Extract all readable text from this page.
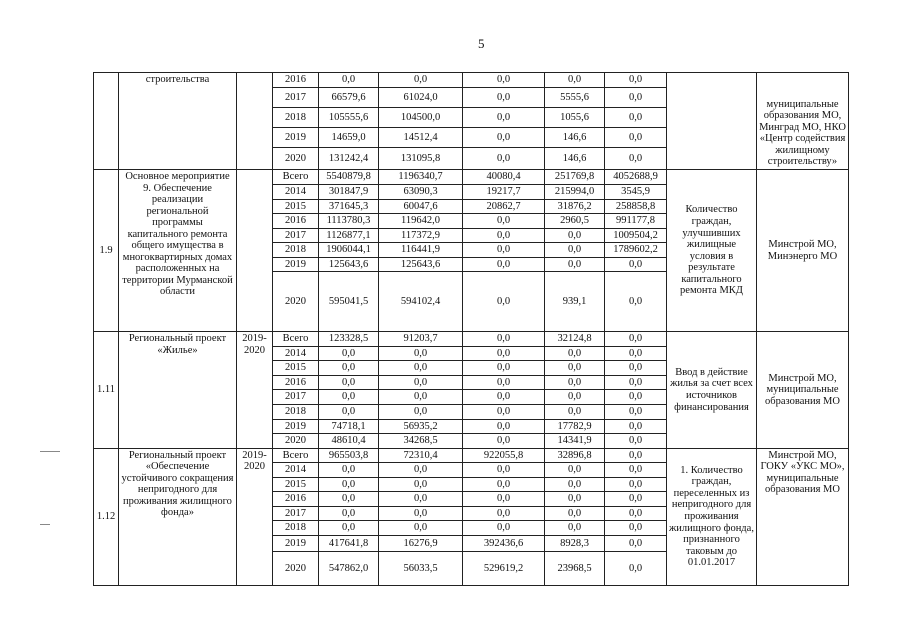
5
	строительства		2016	0,0	0,0	0,0	0,0	0,0		муниципальные образования МО, Минград МО, НКО «Центр содействия жилищному строительству»
			2017	66579,6	61024,0	0,0	5555,6	0,0		
			2018	105555,6	104500,0	0,0	1055,6	0,0		
			2019	14659,0	14512,4	0,0	146,6	0,0		
			2020	131242,4	131095,8	0,0	146,6	0,0		
1.9	Основное мероприятие 9. Обеспечение реализации региональной программы капитального ремонта общего имущества в многоквартирных домах расположенных на территории Мурманской области		Всего	5540879,8	1196340,7	40080,4	251769,8	4052688,9	Количество граждан, улучшивших жилищные условия в результате капитального ремонта МКД	Минстрой МО, Минэнерго МО
			2014	301847,9	63090,3	19217,7	215994,0	3545,9		
			2015	371645,3	60047,6	20862,7	31876,2	258858,8		
			2016	1113780,3	119642,0	0,0	2960,5	991177,8		
			2017	1126877,1	117372,9	0,0	0,0	1009504,2		
			2018	1906044,1	116441,9	0,0	0,0	1789602,2		
			2019	125643,6	125643,6	0,0	0,0	0,0		
			2020	595041,5	594102,4	0,0	939,1	0,0		
1.11	Региональный проект «Жилье»	2019-2020	Всего	123328,5	91203,7	0,0	32124,8	0,0	Ввод в действие жилья за счет всех источников финансирования	Минстрой МО, муниципальные образования МО
			2014	0,0	0,0	0,0	0,0	0,0		
			2015	0,0	0,0	0,0	0,0	0,0		
			2016	0,0	0,0	0,0	0,0	0,0		
			2017	0,0	0,0	0,0	0,0	0,0		
			2018	0,0	0,0	0,0	0,0	0,0		
			2019	74718,1	56935,2	0,0	17782,9	0,0		
			2020	48610,4	34268,5	0,0	14341,9	0,0		
1.12	Региональный проект «Обеспечение устойчивого сокращения непригодного для проживания жилищного фонда»	2019-2020	Всего	965503,8	72310,4	922055,8	32896,8	0,0	1. Количество граждан, переселенных из непригодного для проживания жилищного фонда, признанного таковым до 01.01.2017	Минстрой МО, ГОКУ «УКС МО», муниципальные образования МО
			2014	0,0	0,0	0,0	0,0	0,0		
			2015	0,0	0,0	0,0	0,0	0,0		
			2016	0,0	0,0	0,0	0,0	0,0		
			2017	0,0	0,0	0,0	0,0	0,0		
			2018	0,0	0,0	0,0	0,0	0,0		
			2019	417641,8	16276,9	392436,6	8928,3	0,0		
			2020	547862,0	56033,5	529619,2	23968,5	0,0		
